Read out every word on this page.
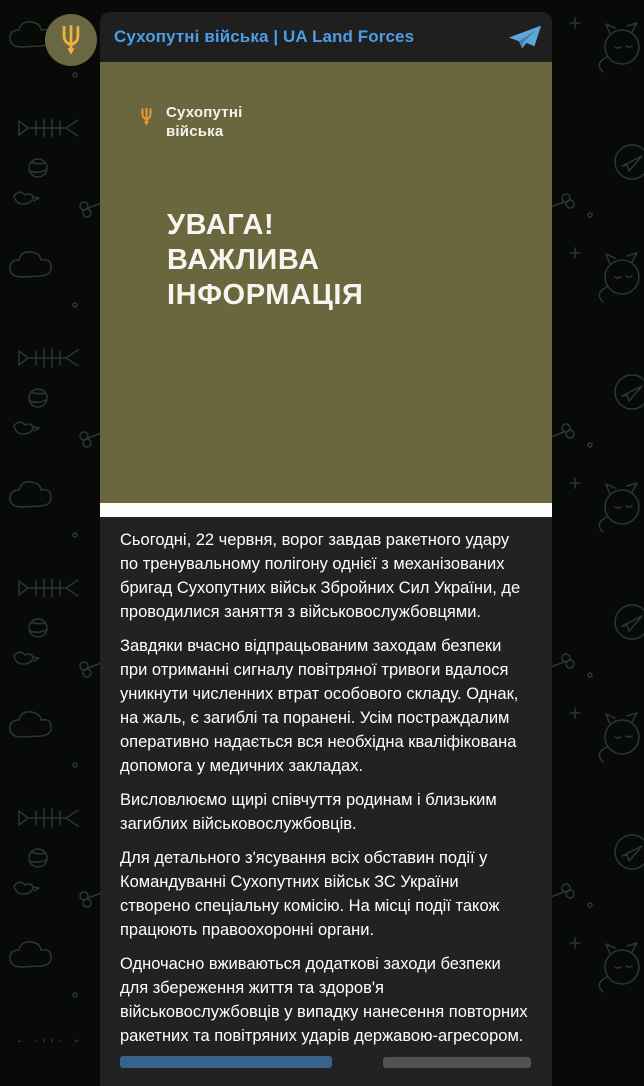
Сухопутні війська | UA Land Forces
Сухопутні
війська
УВАГА!
ВАЖЛИВА
ІНФОРМАЦІЯ

Сьогодні, 22 червня, ворог завдав ракетного удару по тренувальному полігону однієї з механізованих бригад Сухопутних військ Збройних Сил України, де проводилися заняття з військовослужбовцями.

Завдяки вчасно відпрацьованим заходам безпеки при отриманні сигналу повітряної тривоги вдалося уникнути численних втрат особового складу. Однак, на жаль, є загиблі та поранені. Усім постраждалим оперативно надається вся необхідна кваліфікована допомога у медичних закладах.

Висловлюємо щирі співчуття родинам і близьким загиблих військовослужбовців.

Для детального з'ясування всіх обставин події у Командуванні Сухопутних військ ЗС України створено спеціальну комісію. На місці події також працюють правоохоронні органи.

Одночасно вживаються додаткові заходи безпеки для збереження життя та здоров'я військовослужбовців у випадку нанесення повторних ракетних та повітряних ударів державою-агресором.
